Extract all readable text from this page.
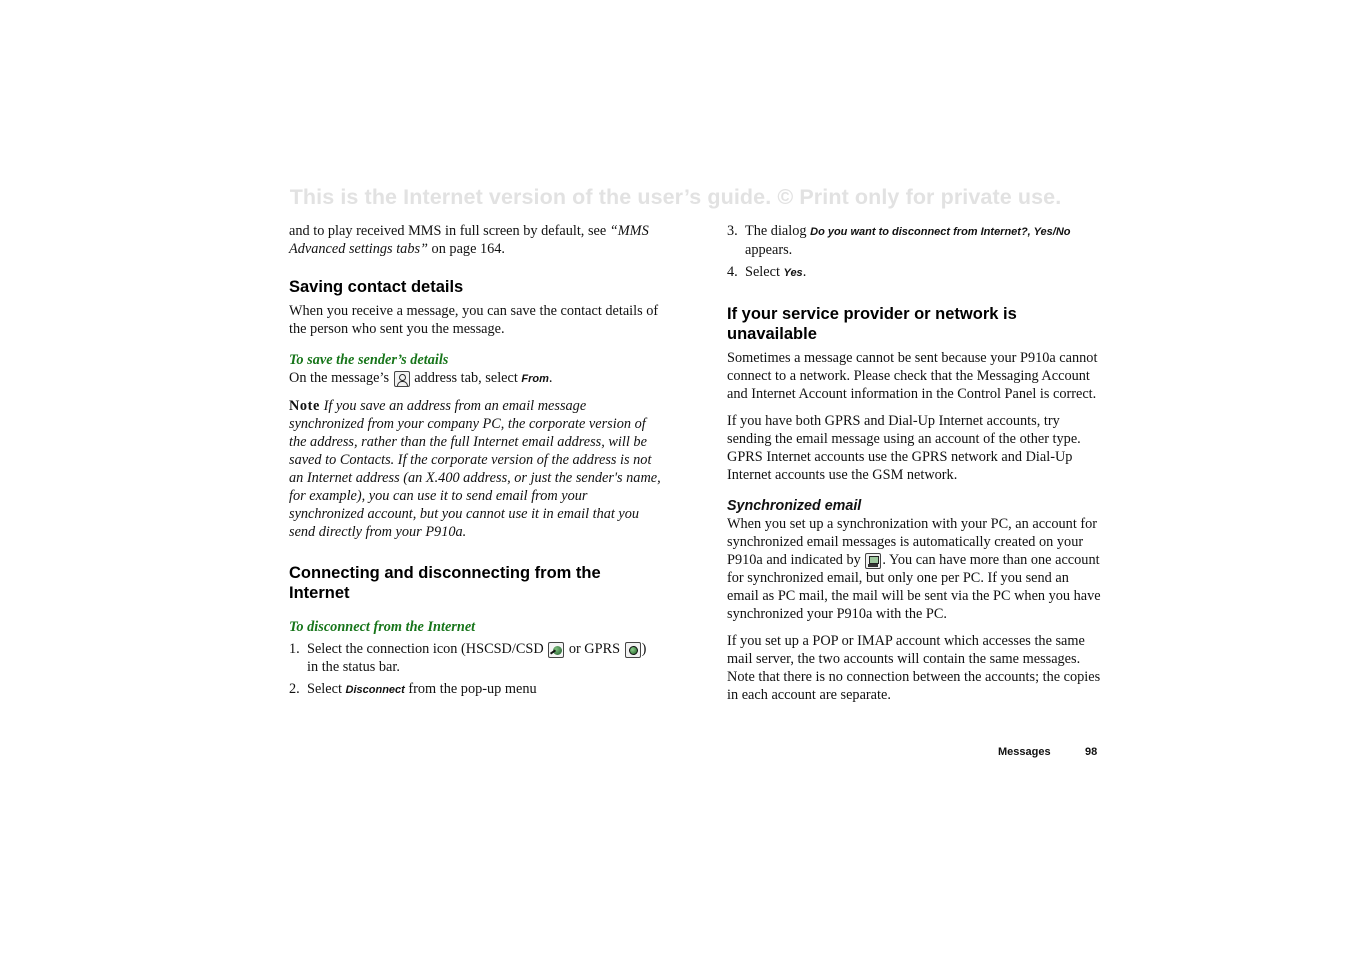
This is the Internet version of the user’s guide. © Print only for private use.

and to play received MMS in full screen by default, see “MMS Advanced settings tabs” on page 164.

Saving contact details

When you receive a message, you can save the contact details of the person who sent you the message.

To save the sender’s details

On the message’s  address tab, select From.

Note If you save an address from an email message synchronized from your company PC, the corporate version of the address, rather than the full Internet email address, will be saved to Contacts. If the corporate version of the address is not an Internet address (an X.400 address, or just the sender's name, for example), you can use it to send email from your synchronized account, but you cannot use it in email that you send directly from your P910a.

Connecting and disconnecting from the Internet

To disconnect from the Internet

1. Select the connection icon (HSCSD/CSD  or GPRS ) in the status bar.
2. Select Disconnect from the pop-up menu
3. The dialog Do you want to disconnect from Internet?, Yes/No appears.
4. Select Yes.
If your service provider or network is unavailable

Sometimes a message cannot be sent because your P910a cannot connect to a network. Please check that the Messaging Account and Internet Account information in the Control Panel is correct.

If you have both GPRS and Dial-Up Internet accounts, try sending the email message using an account of the other type. GPRS Internet accounts use the GPRS network and Dial-Up Internet accounts use the GSM network.

Synchronized email

When you set up a synchronization with your PC, an account for synchronized email messages is automatically created on your P910a and indicated by . You can have more than one account for synchronized email, but only one per PC. If you send an email as PC mail, the mail will be sent via the PC when you have synchronized your P910a with the PC.

If you set up a POP or IMAP account which accesses the same mail server, the two accounts will contain the same messages. Note that there is no connection between the accounts; the copies in each account are separate.

Messages	98
